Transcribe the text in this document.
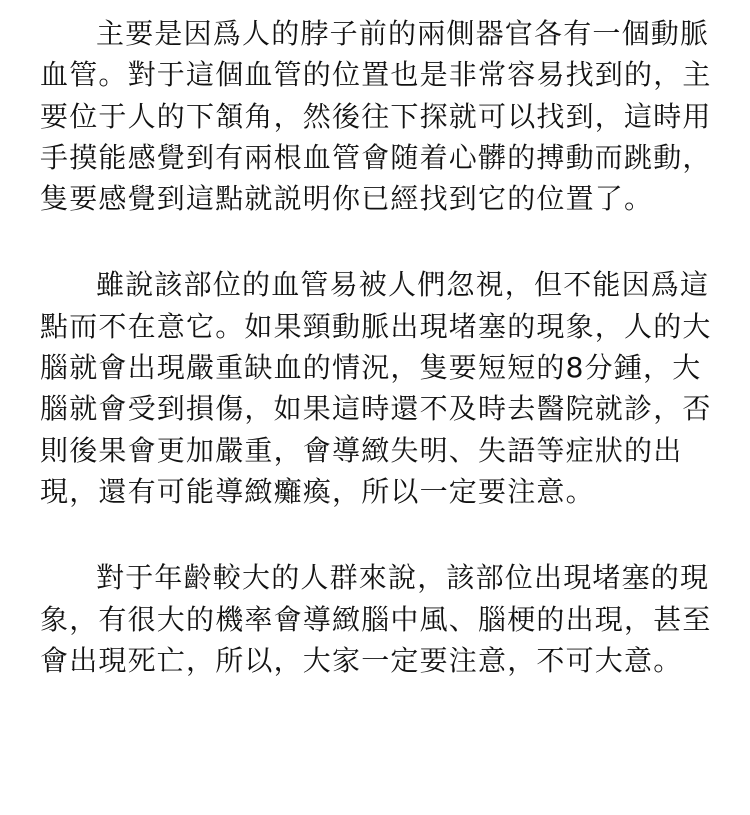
主要是因爲人的脖子前的兩側器官各有一個動脈血管。對于這個血管的位置也是非常容易找到的，主要位于人的下頷角，然後往下探就可以找到，這時用手摸能感覺到有兩根血管會随着心髒的搏動而跳動，隻要感覺到這點就説明你已經找到它的位置了。

雖說該部位的血管易被人們忽視，但不能因爲這點而不在意它。如果頸動脈出現堵塞的現象，人的大腦就會出現嚴重缺血的情況，隻要短短的8分鍾，大腦就會受到損傷，如果這時還不及時去醫院就診，否則後果會更加嚴重，會導緻失明、失語等症狀的出現，還有可能導緻癱瘓，所以一定要注意。

對于年齡較大的人群來說，該部位出現堵塞的現象，有很大的機率會導緻腦中風、腦梗的出現，甚至會出現死亡，所以，大家一定要注意，不可大意。
